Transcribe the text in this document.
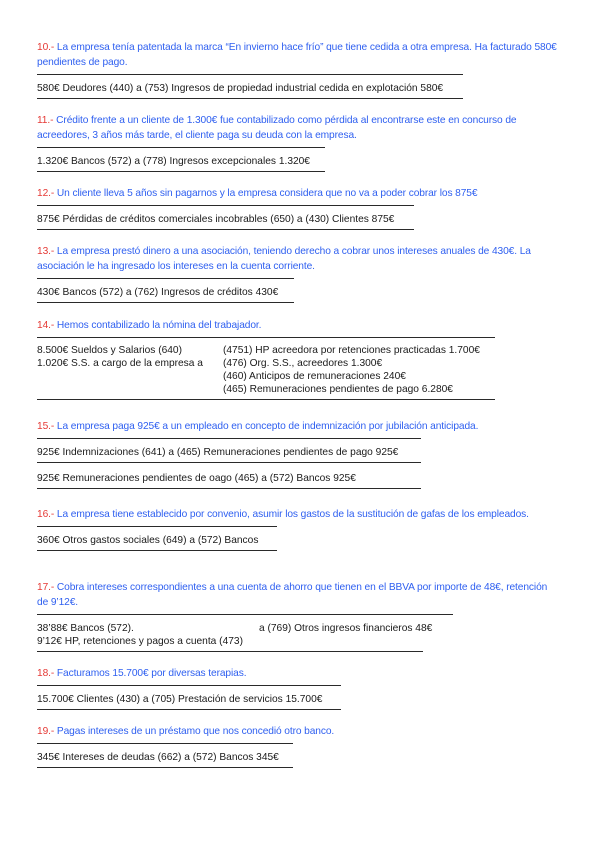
10.- La empresa tenía patentada la marca “En invierno hace frío” que tiene cedida a otra empresa. Ha facturado 580€ pendientes de pago.
580€ Deudores (440) a (753) Ingresos de propiedad industrial cedida en explotación 580€
11.- Crédito frente a un cliente de 1.300€ fue contabilizado como pérdida al encontrarse este en concurso de acreedores, 3 años más tarde, el cliente paga su deuda con la empresa.
1.320€ Bancos (572) a (778) Ingresos excepcionales 1.320€
12.- Un cliente lleva 5 años sin pagarnos y la empresa considera que no va a poder cobrar los 875€
875€ Pérdidas de créditos comerciales incobrables (650) a (430) Clientes 875€
13.- La empresa prestó dinero a una asociación, teniendo derecho a cobrar unos intereses anuales de 430€. La asociación le ha ingresado los intereses en la cuenta corriente.
430€ Bancos (572) a (762) Ingresos de créditos 430€
14.- Hemos contabilizado la nómina del trabajador.
8.500€ Sueldos y Salarios (640)
1.020€ S.S. a cargo de la empresa a
(4751) HP acreedora por retenciones practicadas 1.700€
(476) Org. S.S., acreedores 1.300€
(460) Anticipos de remuneraciones 240€
(465) Remuneraciones pendientes de pago 6.280€
15.- La empresa paga 925€ a un empleado en concepto de indemnización por jubilación anticipada.
925€ Indemnizaciones (641) a (465) Remuneraciones pendientes de pago 925€
925€ Remuneraciones pendientes de oago (465) a (572) Bancos 925€
16.- La empresa tiene establecido por convenio, asumir los gastos de la sustitución de gafas de los empleados.
360€ Otros gastos sociales (649) a (572) Bancos
17.- Cobra intereses correspondientes a una cuenta de ahorro que tienen en el BBVA por importe de 48€, retención de 9’12€.
38’88€ Bancos (572).	a (769) Otros ingresos financieros 48€
9’12€ HP, retenciones y pagos a cuenta (473)
18.- Facturamos 15.700€ por diversas terapias.
15.700€ Clientes (430) a (705) Prestación de servicios 15.700€
19.- Pagas intereses de un préstamo que nos concedió otro banco.
345€ Intereses de deudas (662) a (572) Bancos 345€
